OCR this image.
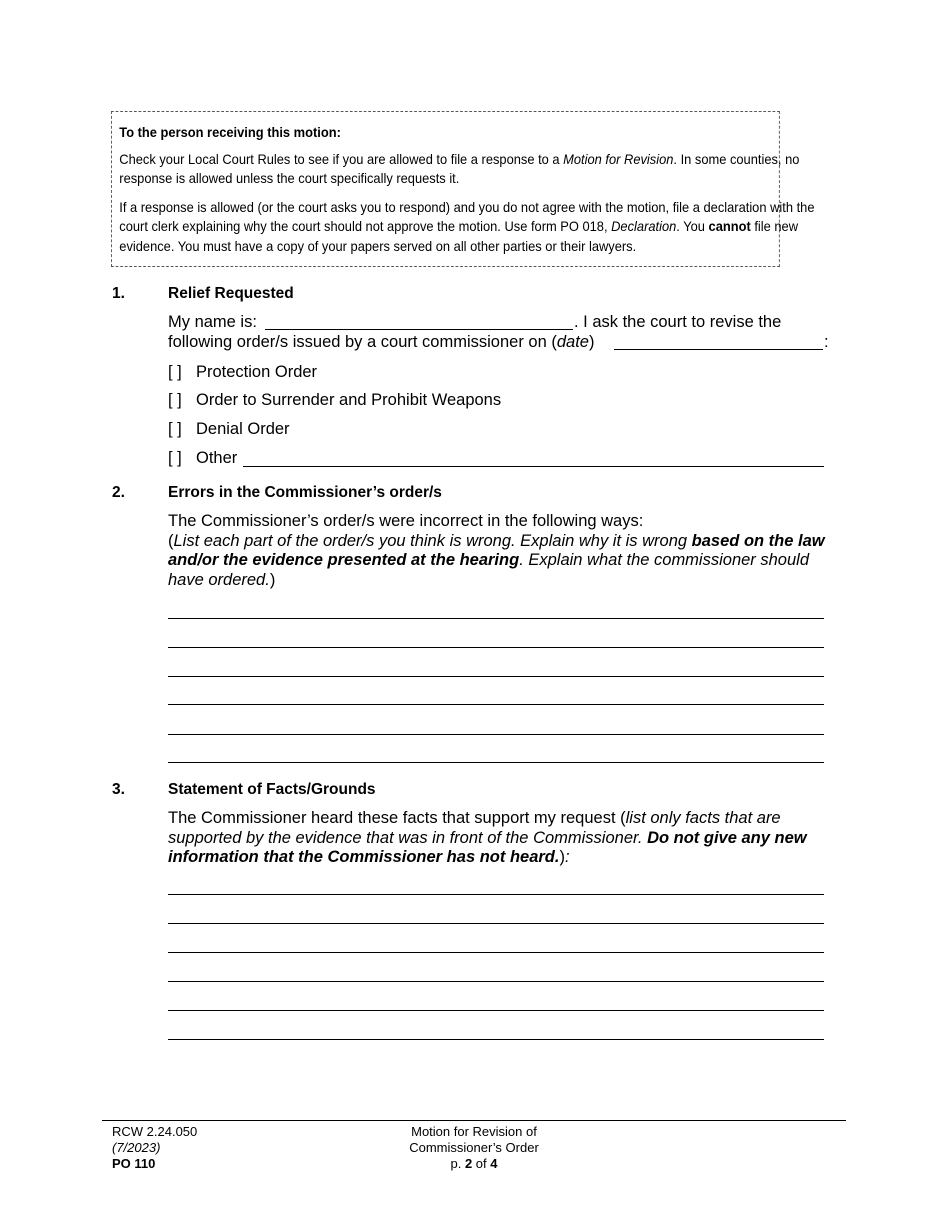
To the person receiving this motion:

Check your Local Court Rules to see if you are allowed to file a response to a Motion for Revision. In some counties, no response is allowed unless the court specifically requests it.

If a response is allowed (or the court asks you to respond) and you do not agree with the motion, file a declaration with the court clerk explaining why the court should not approve the motion. Use form PO 018, Declaration. You cannot file new evidence. You must have a copy of your papers served on all other parties or their lawyers.

1.	Relief Requested
My name is:	. I ask the court to revise the
following order/s issued by a court commissioner on (date)	:
[ ] Protection Order
[ ] Order to Surrender and Prohibit Weapons
[ ] Denial Order
[ ] Other
2.	Errors in the Commissioner’s order/s
The Commissioner’s order/s were incorrect in the following ways:
(List each part of the order/s you think is wrong. Explain why it is wrong based on the law and/or the evidence presented at the hearing. Explain what the commissioner should have ordered.)
3.	Statement of Facts/Grounds
The Commissioner heard these facts that support my request (list only facts that are supported by the evidence that was in front of the Commissioner. Do not give any new information that the Commissioner has not heard.):
RCW 2.24.050
(7/2023)
PO 110
Motion for Revision of
Commissioner’s Order
p. 2 of 4
